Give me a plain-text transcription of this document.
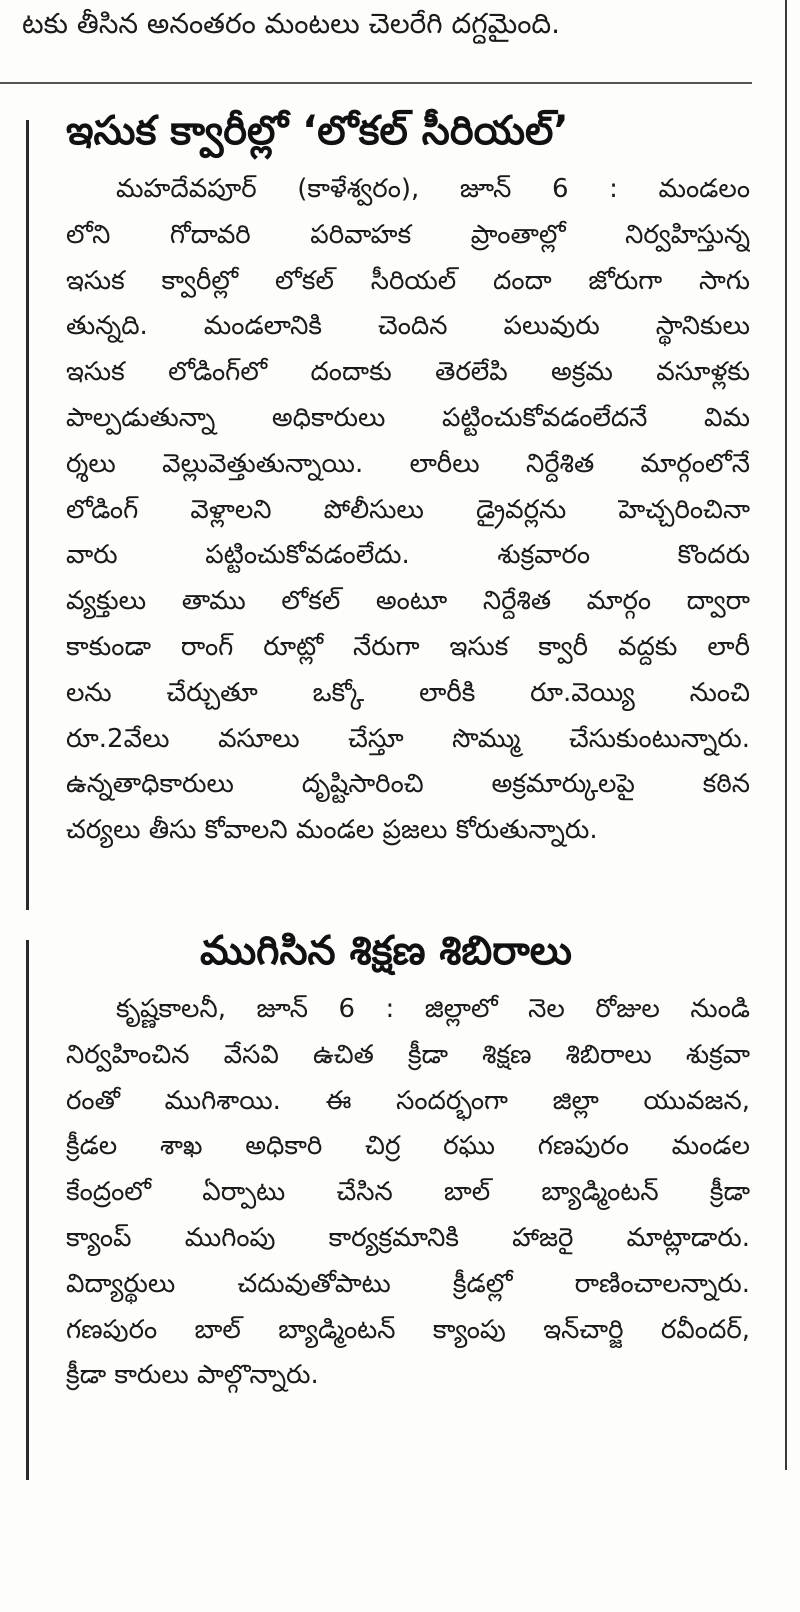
టకు తీసిన అనంతరం మంటలు చెలరేగి దగ్ధమైంది.
ఇసుక క్వారీల్లో ‘లోకల్ సీరియల్’
మహదేవపూర్ (కాళేశ్వరం), జూన్ 6 : మండలం
లోని గోదావరి పరివాహక ప్రాంతాల్లో నిర్వహిస్తున్న
ఇసుక క్వారీల్లో లోకల్ సీరియల్ దందా జోరుగా సాగు
తున్నది. మండలానికి చెందిన పలువురు స్థానికులు
ఇసుక లోడింగ్‌లో దందాకు తెరలేపి అక్రమ వసూళ్లకు
పాల్పడుతున్నా అధికారులు పట్టించుకోవడంలేదనే విమ
ర్శలు వెల్లువెత్తుతున్నాయి. లారీలు నిర్దేశిత మార్గంలోనే
లోడింగ్ వెళ్లాలని పోలీసులు డ్రైవర్లను హెచ్చరించినా
వారు పట్టించుకోవడంలేదు. శుక్రవారం కొందరు
వ్యక్తులు తాము లోకల్ అంటూ నిర్దేశిత మార్గం ద్వారా
కాకుండా రాంగ్ రూట్లో నేరుగా ఇసుక క్వారీ వద్దకు లారీ
లను చేర్చుతూ ఒక్కో లారీకి రూ.వెయ్యి నుంచి
రూ.2వేలు వసూలు చేస్తూ సొమ్ము చేసుకుంటున్నారు.
ఉన్నతాధికారులు దృష్టిసారించి అక్రమార్కులపై కఠిన
చర్యలు తీసు కోవాలని మండల ప్రజలు కోరుతున్నారు.
ముగిసిన శిక్షణ శిబిరాలు
కృష్ణకాలనీ, జూన్ 6 : జిల్లాలో నెల రోజుల నుండి
నిర్వహించిన వేసవి ఉచిత క్రీడా శిక్షణ శిబిరాలు శుక్రవా
రంతో ముగిశాయి. ఈ సందర్భంగా జిల్లా యువజన,
క్రీడల శాఖ అధికారి చిర్ర రఘు గణపురం మండల
కేంద్రంలో ఏర్పాటు చేసిన బాల్ బ్యాడ్మింటన్ క్రీడా
క్యాంప్ ముగింపు కార్యక్రమానికి హాజరై మాట్లాడారు.
విద్యార్థులు చదువుతోపాటు క్రీడల్లో రాణించాలన్నారు.
గణపురం బాల్ బ్యాడ్మింటన్ క్యాంపు ఇన్‌చార్జి రవీందర్,
క్రీడా కారులు పాల్గొన్నారు.
